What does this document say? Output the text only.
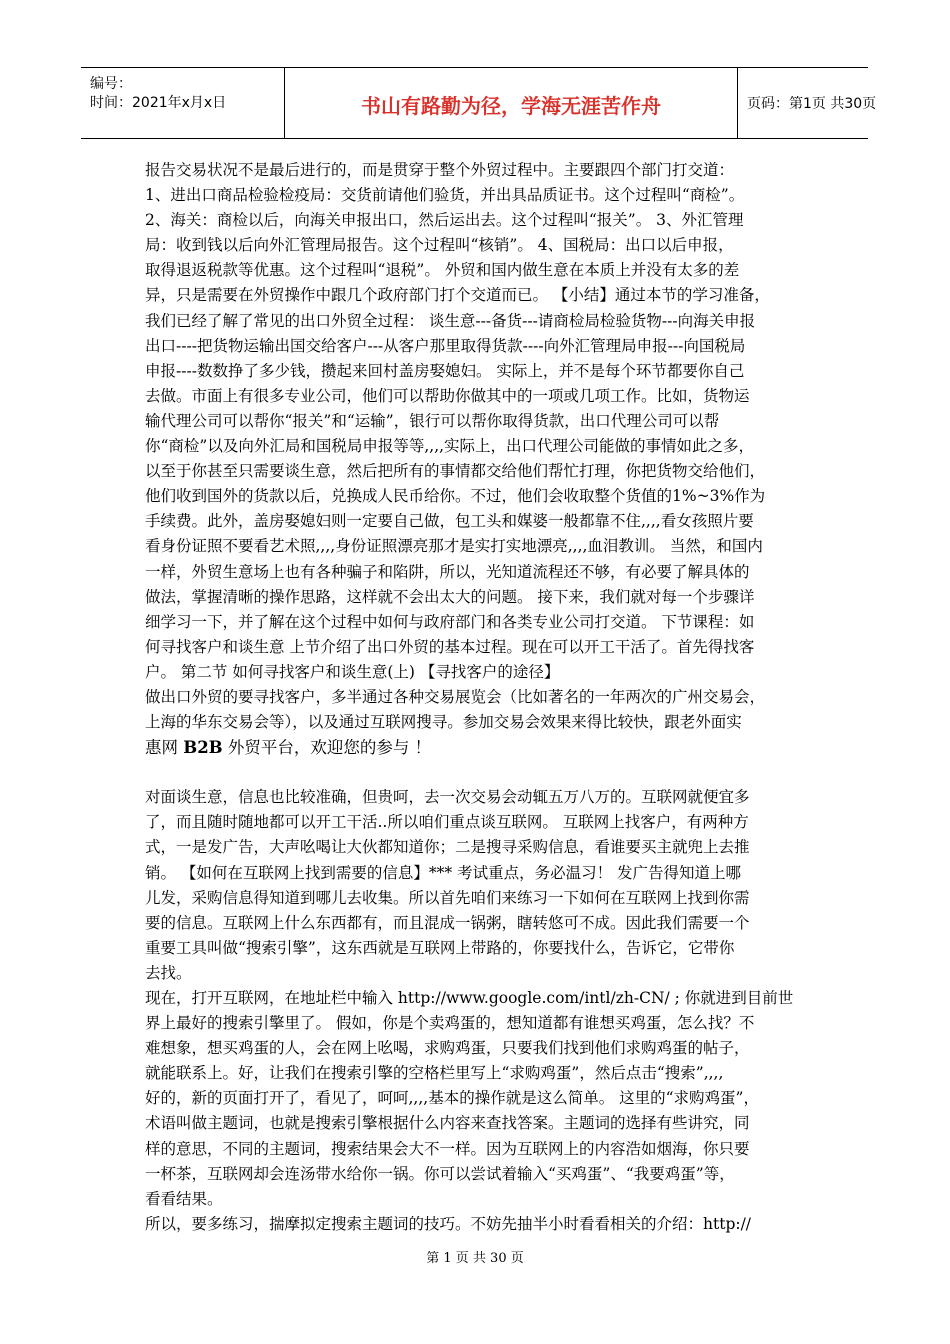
编号：
时间：2021年x月x日	书山有路勤为径，学海无涯苦作舟	页码：第1页 共30页
报告交易状况不是最后进行的，而是贯穿于整个外贸过程中。主要跟四个部门打交道：
1、进出口商品检验检疫局：交货前请他们验货，并出具品质证书。这个过程叫“商检”。
2、海关：商检以后，向海关申报出口，然后运出去。这个过程叫“报关”。 3、外汇管理
局：收到钱以后向外汇管理局报告。这个过程叫“核销”。 4、国税局：出口以后申报，
取得退返税款等优惠。这个过程叫“退税”。 外贸和国内做生意在本质上并没有太多的差
异，只是需要在外贸操作中跟几个政府部门打个交道而已。 【小结】通过本节的学习准备，
我们已经了解了常见的出口外贸全过程： 谈生意---备货---请商检局检验货物---向海关申报
出口----把货物运输出国交给客户---从客户那里取得货款----向外汇管理局申报---向国税局
申报----数数挣了多少钱，攒起来回村盖房娶媳妇。 实际上，并不是每个环节都要你自己
去做。市面上有很多专业公司，他们可以帮助你做其中的一项或几项工作。比如，货物运
输代理公司可以帮你“报关”和“运输”，银行可以帮你取得货款，出口代理公司可以帮
你“商检”以及向外汇局和国税局申报等等,,,,实际上，出口代理公司能做的事情如此之多，
以至于你甚至只需要谈生意，然后把所有的事情都交给他们帮忙打理，你把货物交给他们，
他们收到国外的货款以后，兑换成人民币给你。不过，他们会收取整个货值的1%~3%作为
手续费。此外，盖房娶媳妇则一定要自己做，包工头和媒婆一般都靠不住,,,,看女孩照片要
看身份证照不要看艺术照,,,,身份证照漂亮那才是实打实地漂亮,,,,血泪教训。 当然，和国内
一样，外贸生意场上也有各种骗子和陷阱，所以，光知道流程还不够，有必要了解具体的
做法，掌握清晰的操作思路，这样就不会出太大的问题。 接下来，我们就对每一个步骤详
细学习一下，并了解在这个过程中如何与政府部门和各类专业公司打交道。 下节课程：如
何寻找客户和谈生意 上节介绍了出口外贸的基本过程。现在可以开工干活了。首先得找客
户。 第二节 如何寻找客户和谈生意(上) 【寻找客户的途径】
做出口外贸的要寻找客户，多半通过各种交易展览会（比如著名的一年两次的广州交易会，
上海的华东交易会等），以及通过互联网搜寻。参加交易会效果来得比较快，跟老外面实
惠网 B2B 外贸平台，欢迎您的参与 ！
对面谈生意，信息也比较准确，但贵呵，去一次交易会动辄五万八万的。互联网就便宜多
了，而且随时随地都可以开工干活..所以咱们重点谈互联网。 互联网上找客户，有两种方
式，一是发广告，大声吆喝让大伙都知道你；二是搜寻采购信息，看谁要买主就兜上去推
销。 【如何在互联网上找到需要的信息】*** 考试重点，务必温习！ 发广告得知道上哪
儿发，采购信息得知道到哪儿去收集。所以首先咱们来练习一下如何在互联网上找到你需
要的信息。互联网上什么东西都有，而且混成一锅粥，瞎转悠可不成。因此我们需要一个
重要工具叫做“搜索引擎”，这东西就是互联网上带路的，你要找什么，告诉它，它带你
去找。
现在，打开互联网，在地址栏中输入 http://www.google.com/intl/zh-CN/ ; 你就进到目前世
界上最好的搜索引擎里了。 假如，你是个卖鸡蛋的，想知道都有谁想买鸡蛋，怎么找？不
难想象，想买鸡蛋的人，会在网上吆喝，求购鸡蛋，只要我们找到他们求购鸡蛋的帖子，
就能联系上。好，让我们在搜索引擎的空格栏里写上“求购鸡蛋”，然后点击“搜索”,,,,
好的，新的页面打开了，看见了，呵呵,,,,基本的操作就是这么简单。 这里的“求购鸡蛋”，
术语叫做主题词，也就是搜索引擎根据什么内容来查找答案。主题词的选择有些讲究，同
样的意思，不同的主题词，搜索结果会大不一样。因为互联网上的内容浩如烟海，你只要
一杯茶，互联网却会连汤带水给你一锅。你可以尝试着输入“买鸡蛋”、“我要鸡蛋”等，
看看结果。
所以，要多练习，揣摩拟定搜索主题词的技巧。不妨先抽半小时看看相关的介绍：http://
第 1 页 共 30 页
